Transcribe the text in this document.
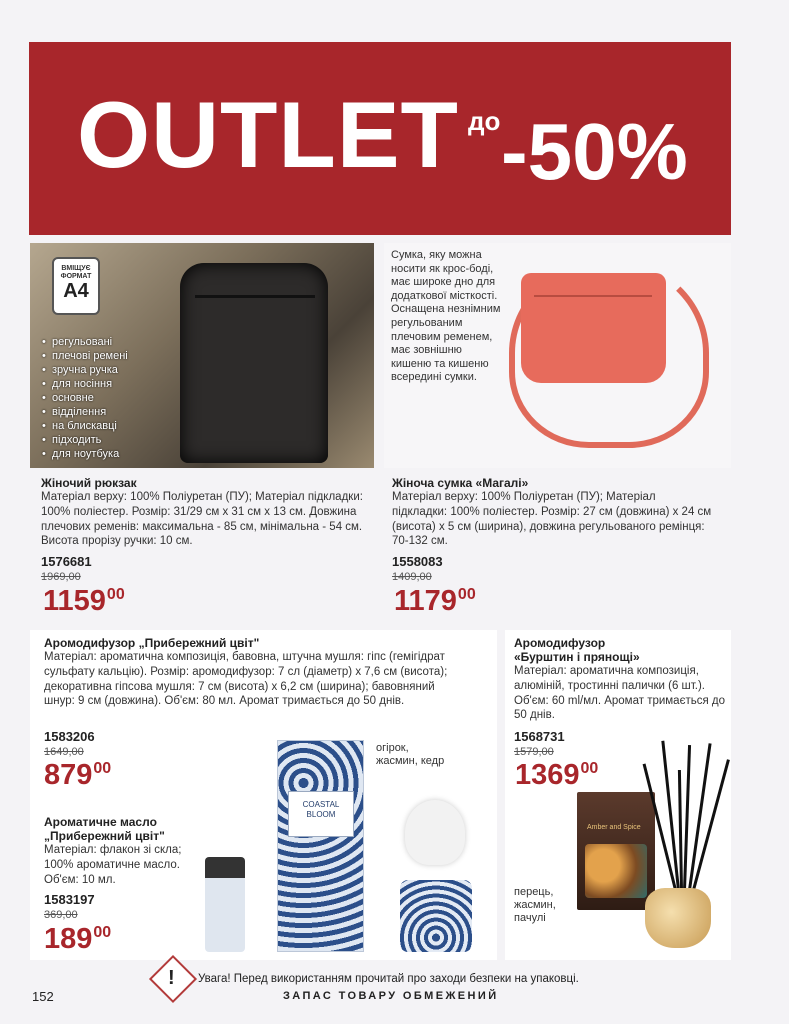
OUTLET до -50%
ВМІЩУЄ
ФОРМАТ
А4
• регульовані
• плечові ремені
• зручна ручка
• для носіння
• основне
• відділення
• на блискавці
• підходить
• для ноутбука
Сумка, яку можна носити як крос-боді, має широке дно для додаткової місткості. Оснащена незнімним регульованим плечовим ременем, має зовнішню кишеню та кишеню всередині сумки.
Жіночий рюкзак
Матеріал верху: 100% Поліуретан (ПУ); Матеріал підкладки: 100% поліестер. Розмір: 31/29 см х 31 см х 13 см. Довжина плечових ременів: максимальна - 85 см, мінімальна - 54 см. Висота прорізу ручки: 10 см.
1576681
1969,00
1159$^{00}$
Жіноча сумка «Магалі»
Матеріал верху: 100% Поліуретан (ПУ); Матеріал підкладки: 100% поліестер. Розмір: 27 см (довжина) х 24 см (висота) х 5 см (ширина), довжина регульованого ремінця: 70-132 см.
1558083
1409,00
1179$^{00}$
Аромодифузор „Прибережний цвіт"
Матеріал: ароматична композиція, бавовна, штучна мушля: гіпс (гемігідрат сульфату кальцію). Розмір: аромодифузор: 7 сл (діаметр) х 7,6 см (висота); декоративна гіпсова мушля: 7 см (висота) х 6,2 см (ширина); бавовняний шнур: 9 см (довжина). Об'єм: 80 мл. Аромат тримається до 50 днів.
1583206
1649,00
$879^{00}$
огірок, жасмин, кедр
COASTAL BLOOM
Ароматичне масло
„Прибережний цвіт"
Матеріал: флакон зі скла; 100% ароматичне масло. Об'єм: 10 мл.
1583197
369,00
$189^{00}$
Аромодифузор
«Бурштин і прянощі»
Матеріал: ароматична композиція, алюміній, тростинні палички (6 шт.). Об'єм: 60 ml/мл. Аромат тримається до 50 днів.
1568731
1579,00
1369$^{00}$
перець, жасмин, пачулі
Amber and Spice
! Увага! Перед використанням прочитай про заходи безпеки на упаковці.
ЗАПАС ТОВАРУ ОБМЕЖЕНИЙ
152
